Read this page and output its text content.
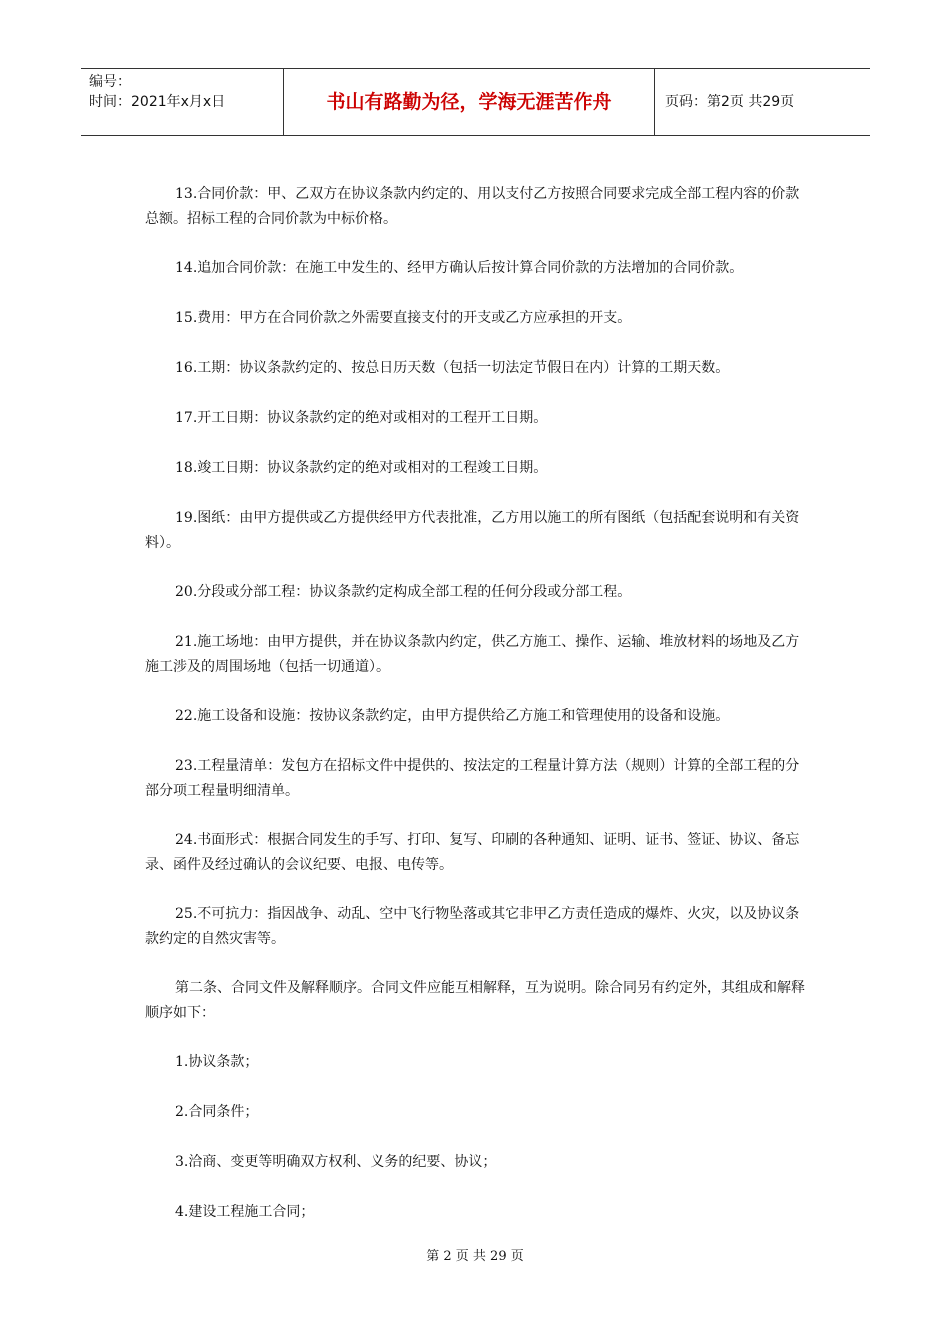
编号：
时间：2021年x月x日	书山有路勤为径，学海无涯苦作舟	页码：第2页 共29页

13.合同价款：甲、乙双方在协议条款内约定的、用以支付乙方按照合同要求完成全部工程内容的价款总额。招标工程的合同价款为中标价格。

14.追加合同价款：在施工中发生的、经甲方确认后按计算合同价款的方法增加的合同价款。

15.费用：甲方在合同价款之外需要直接支付的开支或乙方应承担的开支。

16.工期：协议条款约定的、按总日历天数（包括一切法定节假日在内）计算的工期天数。

17.开工日期：协议条款约定的绝对或相对的工程开工日期。

18.竣工日期：协议条款约定的绝对或相对的工程竣工日期。

19.图纸：由甲方提供或乙方提供经甲方代表批准，乙方用以施工的所有图纸（包括配套说明和有关资料）。

20.分段或分部工程：协议条款约定构成全部工程的任何分段或分部工程。

21.施工场地：由甲方提供，并在协议条款内约定，供乙方施工、操作、运输、堆放材料的场地及乙方施工涉及的周围场地（包括一切通道）。

22.施工设备和设施：按协议条款约定，由甲方提供给乙方施工和管理使用的设备和设施。

23.工程量清单：发包方在招标文件中提供的、按法定的工程量计算方法（规则）计算的全部工程的分部分项工程量明细清单。

24.书面形式：根据合同发生的手写、打印、复写、印刷的各种通知、证明、证书、签证、协议、备忘录、函件及经过确认的会议纪要、电报、电传等。

25.不可抗力：指因战争、动乱、空中飞行物坠落或其它非甲乙方责任造成的爆炸、火灾，以及协议条款约定的自然灾害等。

第二条、合同文件及解释顺序。合同文件应能互相解释，互为说明。除合同另有约定外，其组成和解释顺序如下：

1.协议条款；

2.合同条件；

3.洽商、变更等明确双方权利、义务的纪要、协议；

4.建设工程施工合同；

第 2 页 共 29 页
